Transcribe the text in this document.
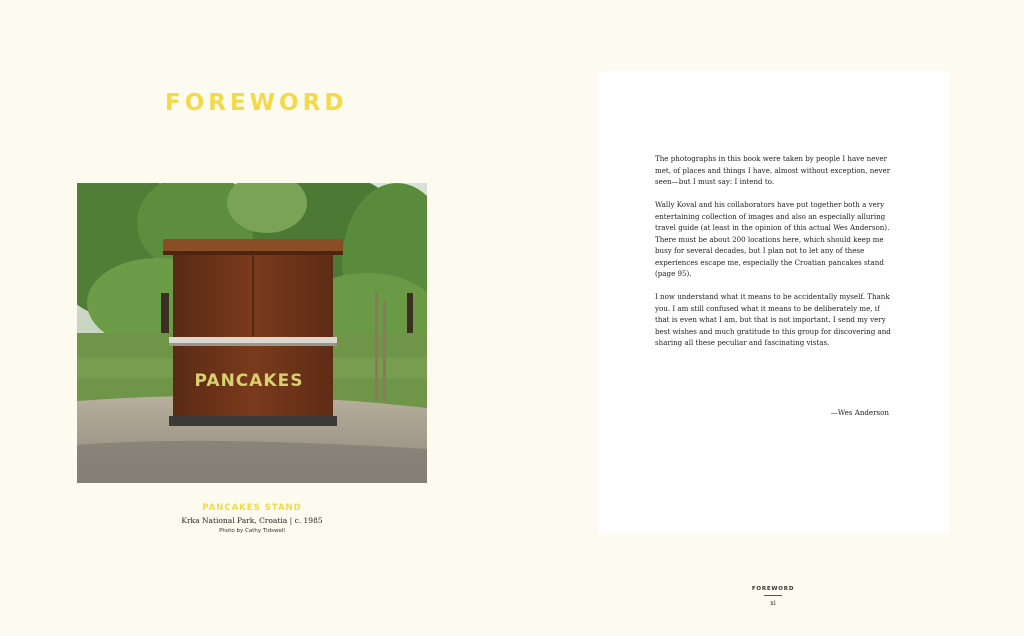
FOREWORD
PANCAKES
PANCAKES STAND
Krka National Park, Croatia | c. 1985
Photo by Cathy Tidswell

The photographs in this book were taken by people I have never met, of places and things I have, almost without exception, never seen—but I must say: I intend to.

Wally Koval and his collaborators have put together both a very entertaining collection of images and also an especially alluring travel guide (at least in the opinion of this actual Wes Anderson). There must be about 200 locations here, which should keep me busy for several decades, but I plan not to let any of these experiences escape me, especially the Croatian pancakes stand (page 95).

I now understand what it means to be accidentally myself. Thank you. I am still confused what it means to be deliberately me, if that is even what I am, but that is not important. I send my very best wishes and much gratitude to this group for discovering and sharing all these peculiar and fascinating vistas.

—Wes Anderson
FOREWORD
xi
